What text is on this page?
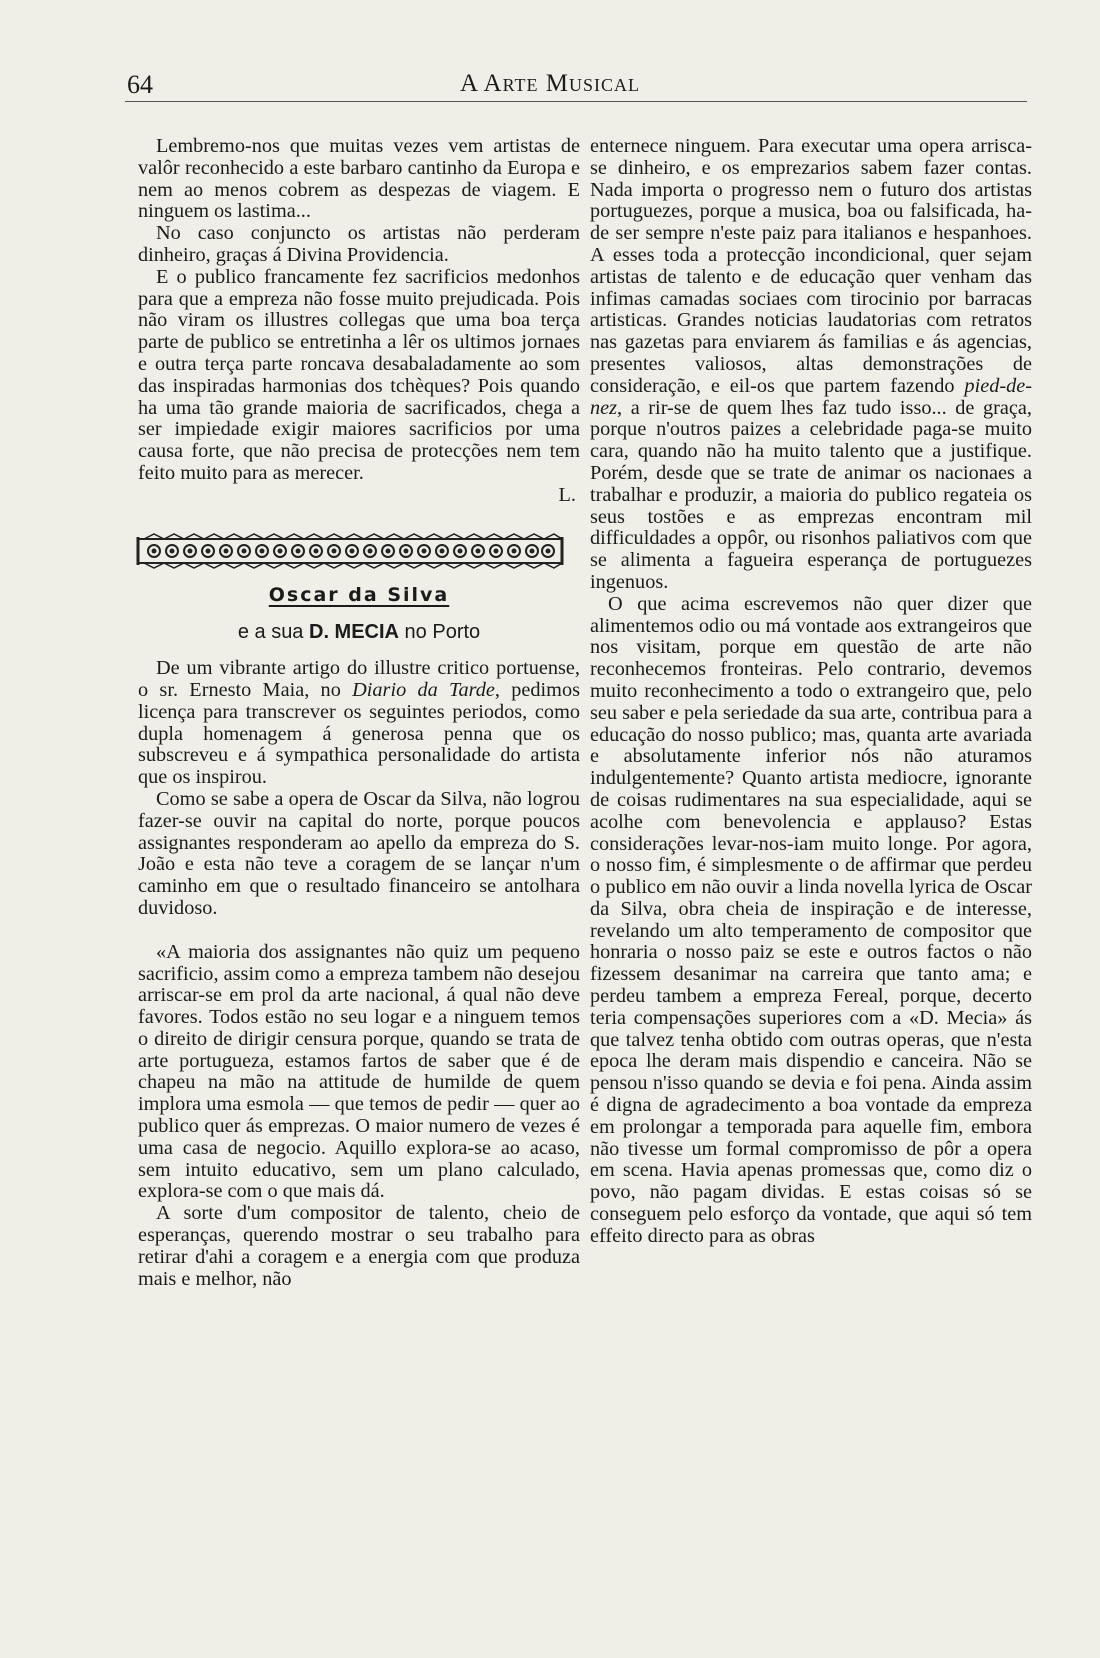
64	A Arte Musical

Lembremo-nos que muitas vezes vem artistas de valôr reconhecido a este barbaro cantinho da Europa e nem ao menos cobrem as despezas de viagem. E ninguem os lastima...

No caso conjuncto os artistas não perderam dinheiro, graças á Divina Providencia.

E o publico francamente fez sacrificios medonhos para que a empreza não fosse muito prejudicada. Pois não viram os illustres collegas que uma boa terça parte de publico se entretinha a lêr os ultimos jornaes e outra terça parte roncava desabaladamente ao som das inspiradas harmonias dos tchèques? Pois quando ha uma tão grande maioria de sacrificados, chega a ser impiedade exigir maiores sacrificios por uma causa forte, que não precisa de protecções nem tem feito muito para as merecer.

L.

Oscar da Silva
e a sua D. MECIA no Porto

De um vibrante artigo do illustre critico portuense, o sr. Ernesto Maia, no Diario da Tarde, pedimos licença para transcrever os seguintes periodos, como dupla homenagem á generosa penna que os subscreveu e á sympathica personalidade do artista que os inspirou.

Como se sabe a opera de Oscar da Silva, não logrou fazer-se ouvir na capital do norte, porque poucos assignantes responderam ao apello da empreza do S. João e esta não teve a coragem de se lançar n'um caminho em que o resultado financeiro se antolhara duvidoso.

«A maioria dos assignantes não quiz um pequeno sacrificio, assim como a empreza tambem não desejou arriscar-se em prol da arte nacional, á qual não deve favores. Todos estão no seu logar e a ninguem temos o direito de dirigir censura porque, quando se trata de arte portugueza, estamos fartos de saber que é de chapeu na mão na attitude de humilde de quem implora uma esmola — que temos de pedir — quer ao publico quer ás emprezas. O maior numero de vezes é uma casa de negocio. Aquillo explora-se ao acaso, sem intuito educativo, sem um plano calculado, explora-se com o que mais dá.

A sorte d'um compositor de talento, cheio de esperanças, querendo mostrar o seu trabalho para retirar d'ahi a coragem e a energia com que produza mais e melhor, não

enternece ninguem. Para executar uma opera arrisca-se dinheiro, e os emprezarios sabem fazer contas. Nada importa o progresso nem o futuro dos artistas portuguezes, porque a musica, boa ou falsificada, ha-de ser sempre n'este paiz para italianos e hespanhoes. A esses toda a protecção incondicional, quer sejam artistas de talento e de educação quer venham das infimas camadas sociaes com tirocinio por barracas artisticas. Grandes noticias laudatorias com retratos nas gazetas para enviarem ás familias e ás agencias, presentes valiosos, altas demonstrações de consideração, e eil-os que partem fazendo pied-de-nez, a rir-se de quem lhes faz tudo isso... de graça, porque n'outros paizes a celebridade paga-se muito cara, quando não ha muito talento que a justifique. Porém, desde que se trate de animar os nacionaes a trabalhar e produzir, a maioria do publico regateia os seus tostões e as emprezas encontram mil difficuldades a oppôr, ou risonhos paliativos com que se alimenta a fagueira esperança de portuguezes ingenuos.

O que acima escrevemos não quer dizer que alimentemos odio ou má vontade aos extrangeiros que nos visitam, porque em questão de arte não reconhecemos fronteiras. Pelo contrario, devemos muito reconhecimento a todo o extrangeiro que, pelo seu saber e pela seriedade da sua arte, contribua para a educação do nosso publico; mas, quanta arte avariada e absolutamente inferior nós não aturamos indulgentemente? Quanto artista mediocre, ignorante de coisas rudimentares na sua especialidade, aqui se acolhe com benevolencia e applauso? Estas considerações levar-nos-iam muito longe. Por agora, o nosso fim, é simplesmente o de affirmar que perdeu o publico em não ouvir a linda novella lyrica de Oscar da Silva, obra cheia de inspiração e de interesse, revelando um alto temperamento de compositor que honraria o nosso paiz se este e outros factos o não fizessem desanimar na carreira que tanto ama; e perdeu tambem a empreza Fereal, porque, decerto teria compensações superiores com a «D. Mecia» ás que talvez tenha obtido com outras operas, que n'esta epoca lhe deram mais dispendio e canceira. Não se pensou n'isso quando se devia e foi pena. Ainda assim é digna de agradecimento a boa vontade da empreza em prolongar a temporada para aquelle fim, embora não tivesse um formal compromisso de pôr a opera em scena. Havia apenas promessas que, como diz o povo, não pagam dividas. E estas coisas só se conseguem pelo esforço da vontade, que aqui só tem effeito directo para as obras
